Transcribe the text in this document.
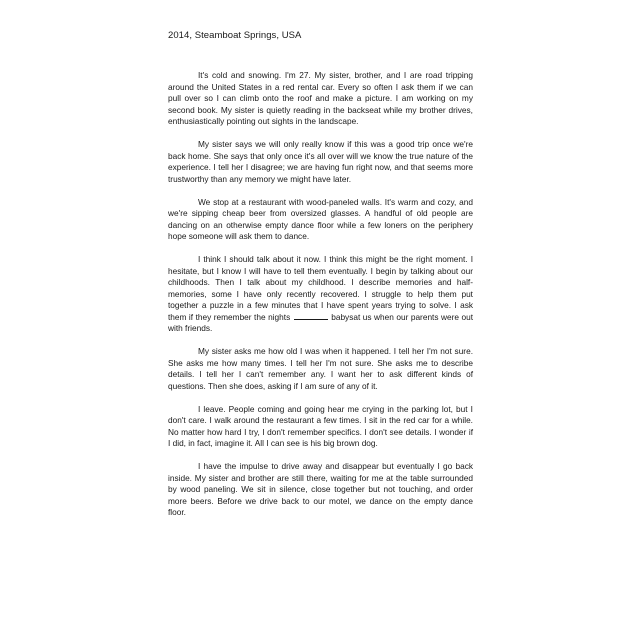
2014, Steamboat Springs, USA

It's cold and snowing. I'm 27. My sister, brother, and I are road tripping around the United States in a red rental car. Every so often I ask them if we can pull over so I can climb onto the roof and make a picture. I am working on my second book. My sister is quietly reading in the backseat while my brother drives, enthusiastically pointing out sights in the landscape.

My sister says we will only really know if this was a good trip once we're back home. She says that only once it's all over will we know the true nature of the experience. I tell her I disagree; we are having fun right now, and that seems more trustworthy than any memory we might have later.

We stop at a restaurant with wood-paneled walls. It's warm and cozy, and we're sipping cheap beer from oversized glasses. A handful of old people are dancing on an otherwise empty dance floor while a few loners on the periphery hope someone will ask them to dance.

I think I should talk about it now. I think this might be the right moment. I hesitate, but I know I will have to tell them eventually. I begin by talking about our childhoods. Then I talk about my childhood. I describe memories and half-memories, some I have only recently recovered. I struggle to help them put together a puzzle in a few minutes that I have spent years trying to solve. I ask them if they remember the nights	babysat us when our parents were out with friends.

My sister asks me how old I was when it happened. I tell her I'm not sure. She asks me how many times. I tell her I'm not sure. She asks me to describe details. I tell her I can't remember any. I want her to ask different kinds of questions. Then she does, asking if I am sure of any of it.

I leave. People coming and going hear me crying in the parking lot, but I don't care. I walk around the restaurant a few times. I sit in the red car for a while. No matter how hard I try, I don't remember specifics. I don't see details. I wonder if I did, in fact, imagine it. All I can see is his big brown dog.

I have the impulse to drive away and disappear but eventually I go back inside. My sister and brother are still there, waiting for me at the table surrounded by wood paneling. We sit in silence, close together but not touching, and order more beers. Before we drive back to our motel, we dance on the empty dance floor.
